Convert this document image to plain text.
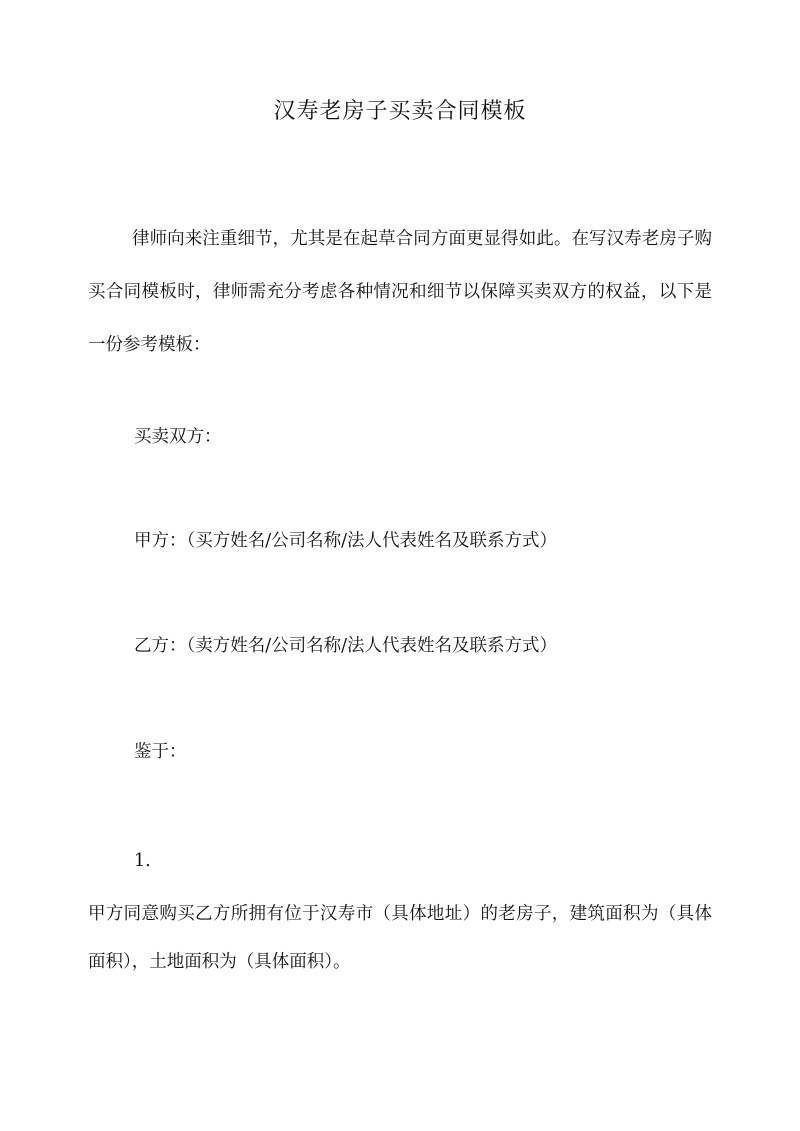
汉寿老房子买卖合同模板
律师向来注重细节，尤其是在起草合同方面更显得如此。在写汉寿老房子购买合同模板时，律师需充分考虑各种情况和细节以保障买卖双方的权益，以下是一份参考模板：
买卖双方：
甲方：（买方姓名/公司名称/法人代表姓名及联系方式）
乙方：（卖方姓名/公司名称/法人代表姓名及联系方式）
鉴于：
1.
甲方同意购买乙方所拥有位于汉寿市（具体地址）的老房子，建筑面积为（具体面积），土地面积为（具体面积）。
